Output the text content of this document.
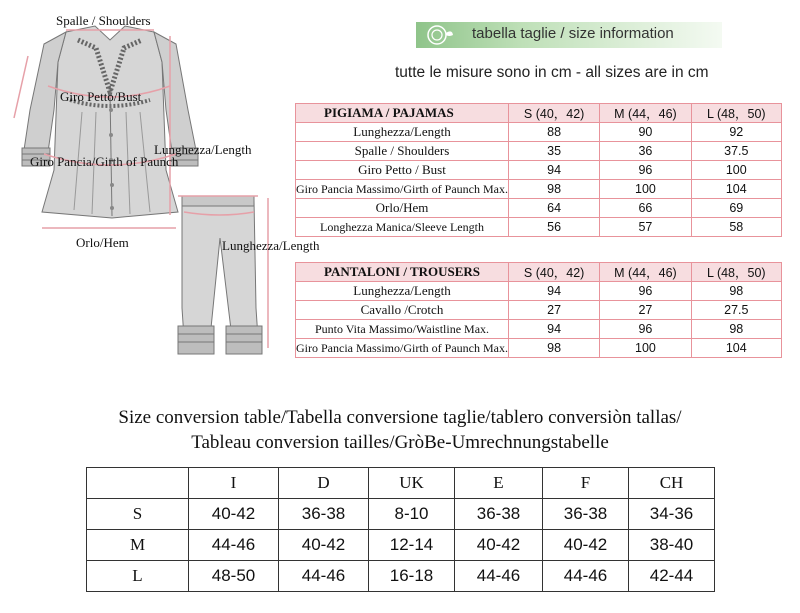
Spalle / Shoulders
Giro Petto/Bust
Lunghezza/Length
Giro Pancia/Girth of Paunch
Orlo/Hem	Lunghezza/Length
tabella taglie / size information
tutte le misure sono in cm - all sizes are in cm
PIGIAMA / PAJAMAS	S (40，42)	M (44，46)	L (48，50)
Lunghezza/Length	88	90	92
Spalle / Shoulders	35	36	37.5
Giro Petto / Bust	94	96	100
Giro Pancia Massimo/Girth of Paunch Max.	98	100	104
Orlo/Hem	64	66	69
Longhezza Manica/Sleeve Length	56	57	58
PANTALONI / TROUSERS	S (40，42)	M (44，46)	L (48，50)
Lunghezza/Length	94	96	98
Cavallo /Crotch	27	27	27.5
Punto Vita Massimo/Waistline Max.	94	96	98
Giro Pancia Massimo/Girth of Paunch Max.	98	100	104
Size conversion table/Tabella conversione taglie/tablero conversiòn tallas/
Tableau conversion tailles/GròBe-Umrechnungstabelle
	I	D	UK	E	F	CH
S	40-42	36-38	8-10	36-38	36-38	34-36
M	44-46	40-42	12-14	40-42	40-42	38-40
L	48-50	44-46	16-18	44-46	44-46	42-44
